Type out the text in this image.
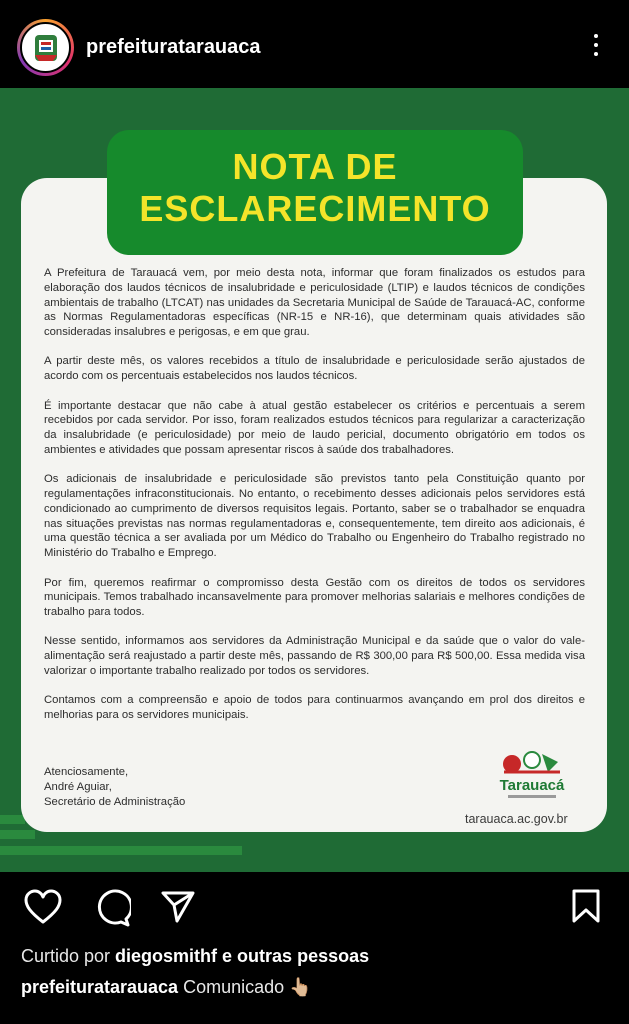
prefeituratarauaca

A Prefeitura de Tarauacá vem, por meio desta nota, informar que foram finalizados os estudos para elaboração dos laudos técnicos de insalubridade e periculosidade (LTIP) e laudos técnicos de condições ambientais de trabalho (LTCAT) nas unidades da Secretaria Municipal de Saúde de Tarauacá-AC, conforme as Normas Regulamentadoras específicas (NR-15 e NR-16), que determinam quais atividades são consideradas insalubres e perigosas, e em que grau.

A partir deste mês, os valores recebidos a título de insalubridade e periculosidade serão ajustados de acordo com os percentuais estabelecidos nos laudos técnicos.

É importante destacar que não cabe à atual gestão estabelecer os critérios e percentuais a serem recebidos por cada servidor. Por isso, foram realizados estudos técnicos para regularizar a caracterização da insalubridade (e periculosidade) por meio de laudo pericial, documento obrigatório em todos os ambientes e atividades que possam apresentar riscos à saúde dos trabalhadores.

Os adicionais de insalubridade e periculosidade são previstos tanto pela Constituição quanto por regulamentações infraconstitucionais. No entanto, o recebimento desses adicionais pelos servidores está condicionado ao cumprimento de diversos requisitos legais. Portanto, saber se o trabalhador se enquadra nas situações previstas nas normas regulamentadoras e, consequentemente, tem direito aos adicionais, é uma questão técnica a ser avaliada por um Médico do Trabalho ou Engenheiro do Trabalho registrado no Ministério do Trabalho e Emprego.

Por fim, queremos reafirmar o compromisso desta Gestão com os direitos de todos os servidores municipais. Temos trabalhado incansavelmente para promover melhorias salariais e melhores condições de trabalho para todos.

Nesse sentido, informamos aos servidores da Administração Municipal e da saúde que o valor do vale-alimentação será reajustado a partir deste mês, passando de R$ 300,00 para R$ 500,00. Essa medida visa valorizar o importante trabalho realizado por todos os servidores.

Contamos com a compreensão e apoio de todos para continuarmos avançando em prol dos direitos e melhorias para os servidores municipais.

Atenciosamente,
André Aguiar,
Secretário de Administração
Tarauacá
tarauaca.ac.gov.br
NOTA DE
ESCLARECIMENTO
Curtido por diegosmithf e outras pessoas
prefeituratarauaca Comunicado 👆🏼
